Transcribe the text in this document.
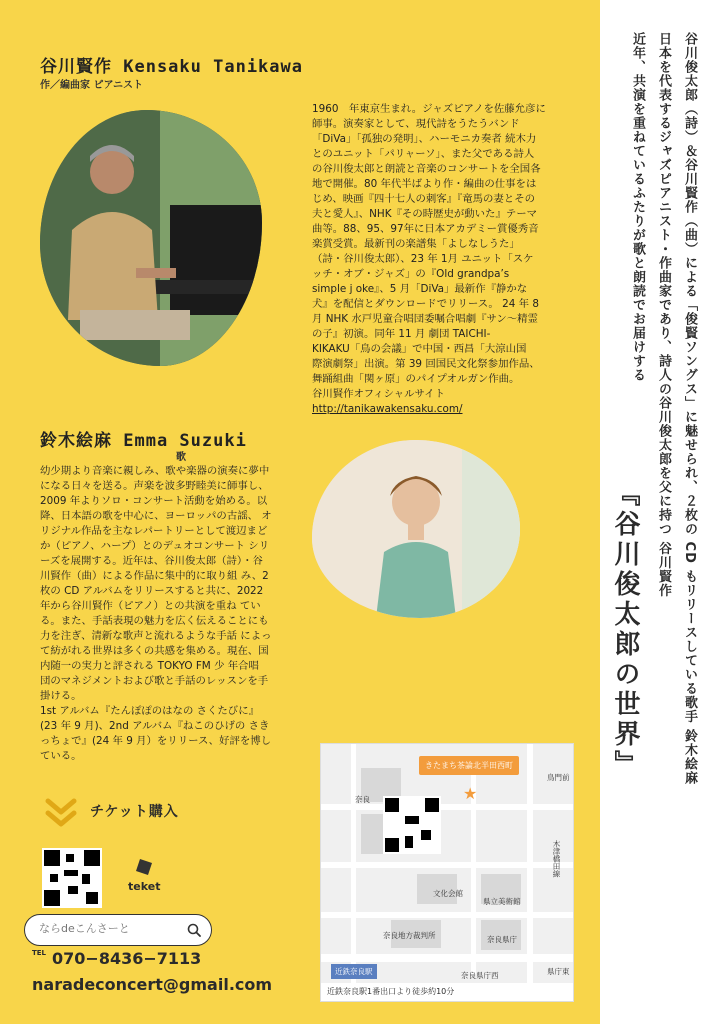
谷川俊太郎（詩）＆谷川賢作（曲）による「俊賢ソングス」に魅せられ、２枚の CD もリリースしている歌手 鈴木絵麻
日本を代表するジャズピアニスト・作曲家であり、詩人の谷川俊太郎を父に持つ 谷川賢作
近年、共演を重ねているふたりが歌と朗読でお届けする
『谷川俊太郎の世界』
谷川賢作 Kensaku Tanikawa
作／編曲家 ピアニスト
1960　年東京生まれ。ジャズピアノを佐藤允彦に
師事。演奏家として、現代詩をうたうバンド
「DiVa」「孤独の発明」、ハーモニカ奏者 続木力
とのユニット「パリャーソ」、また父である詩人
の谷川俊太郎と朗読と音楽のコンサートを全国各
地で開催。80 年代半ばより作・編曲の仕事をは
じめ、映画『四十七人の刺客』『竜馬の妻とその
夫と愛人』、NHK『その時歴史が動いた』テーマ
曲等。88、95、97年に日本アカデミー賞優秀音
楽賞受賞。最新刊の楽譜集「よしなしうた」
（詩・谷川俊太郎）、23 年 1月 ユニット「スケ
ッチ・オブ・ジャズ」の『Old grandpa’s
simple j oke』、5 月「DiVa」最新作『静かな
犬』を配信とダウンロードでリリース。 24 年 8
月 NHK 水戸児童合唱団委嘱合唱劇『サン～精霊
の子』初演。同年 11 月 劇団 TAICHI-
KIKAKU「鳥の会議」で中国・西昌「大涼山国
際演劇祭」出演。第 39 回国民文化祭参加作品、
舞踊組曲「関ヶ原」のパイプオルガン作曲。
谷川賢作オフィシャルサイト
http://tanikawakensaku.com/
鈴木絵麻 Emma Suzuki
歌
幼少期より音楽に親しみ、歌や楽器の演奏に夢中
になる日々を送る。声楽を波多野睦美に師事し、
2009 年よりソロ・コンサート活動を始める。以
降、日本語の歌を中心に、ヨーロッパの古謡、 オ
リジナル作品を主なレパートリーとして渡辺まど
か（ピアノ、ハープ）とのデュオコンサート シリ
ーズを展開する。近年は、谷川俊太郎（詩）・谷
川賢作（曲）による作品に集中的に取り組 み、2
枚の CD アルバムをリリースすると共に、2022
年から谷川賢作（ピアノ）との共演を重ね てい
る。また、手話表現の魅力を広く伝えることにも
力を注ぎ、清新な歌声と流れるような手話 によっ
て紡がれる世界は多くの共感を集める。現在、国
内随一の実力と評される TOKYO FM 少 年合唱
団のマネジメントおよび歌と手話のレッスンを手
掛ける。
1st アルバム『たんぽぽのはなの さくたびに』
(23 年 9 月)、2nd アルバム『ねこのひげの さき
っちょで』(24 年 9 月）をリリース、好評を博し
ている。
チケット購入
teket
ならdeこんさーと
$^{TEL}$ 070−8436−7113
naradeconcert@gmail.com
きたまち茶論北半田西町
★
奈良
鳥門前
文化会館
県立美術館
奈良地方裁判所	奈良県庁
近鉄奈良駅	県庁東
奈良県庁西
木津橋田線
近鉄奈良駅1番出口より徒歩約10分
